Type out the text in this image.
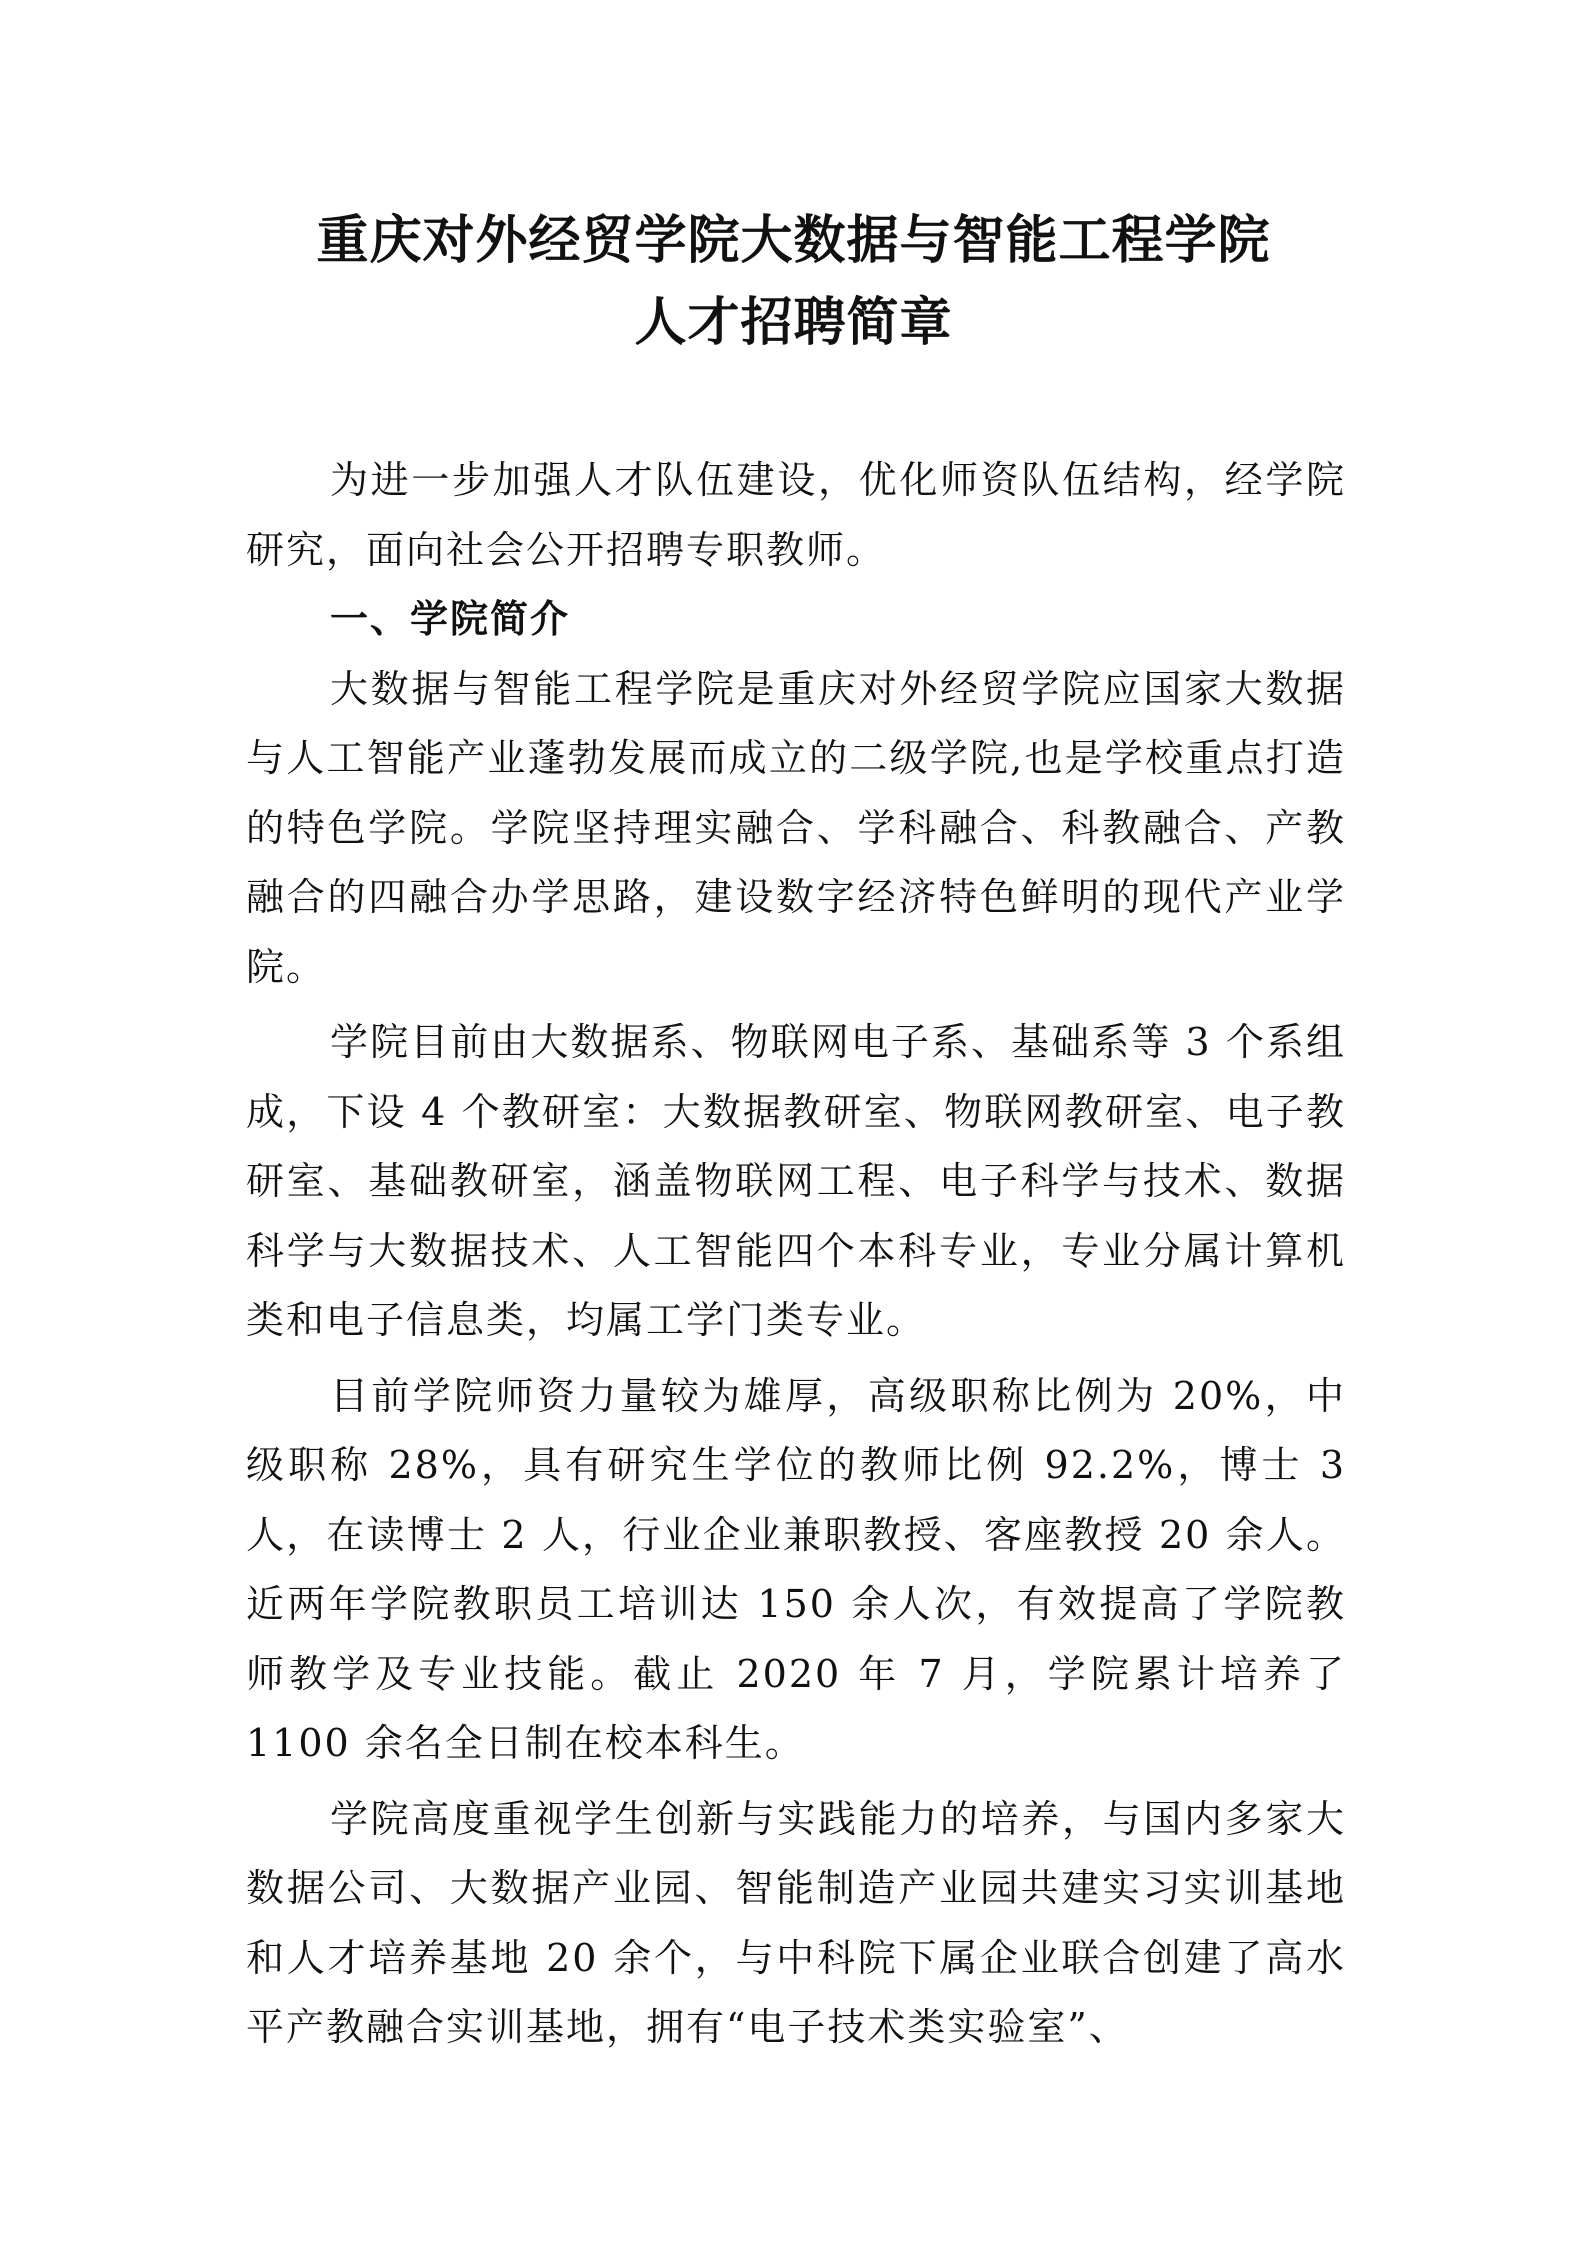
重庆对外经贸学院大数据与智能工程学院

人才招聘简章

为进一步加强人才队伍建设，优化师资队伍结构，经学院研究，面向社会公开招聘专职教师。

一、学院简介

大数据与智能工程学院是重庆对外经贸学院应国家大数据与人工智能产业蓬勃发展而成立的二级学院,也是学校重点打造的特色学院。学院坚持理实融合、学科融合、科教融合、产教融合的四融合办学思路，建设数字经济特色鲜明的现代产业学院。

学院目前由大数据系、物联网电子系、基础系等 3 个系组成，下设 4 个教研室：大数据教研室、物联网教研室、电子教研室、基础教研室，涵盖物联网工程、电子科学与技术、数据科学与大数据技术、人工智能四个本科专业，专业分属计算机类和电子信息类，均属工学门类专业。

目前学院师资力量较为雄厚，高级职称比例为 20%，中级职称 28%，具有研究生学位的教师比例 92.2%，博士 3 人，在读博士 2 人，行业企业兼职教授、客座教授 20 余人。近两年学院教职员工培训达 150 余人次，有效提高了学院教师教学及专业技能。截止 2020 年 7 月，学院累计培养了 1100 余名全日制在校本科生。

学院高度重视学生创新与实践能力的培养，与国内多家大数据公司、大数据产业园、智能制造产业园共建实习实训基地和人才培养基地 20 余个，与中科院下属企业联合创建了高水平产教融合实训基地，拥有“电子技术类实验室”、
